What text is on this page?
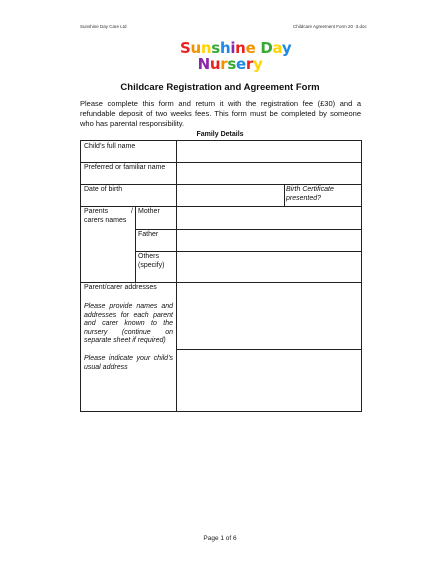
Sunshine Day Care Ltd	Childcare Agreement Form 20 ·3.doc
Sunshine Day
Nursery
Childcare Registration and Agreement Form
Please complete this form and return it with the registration fee (£30) and a refundable deposit of two weeks fees. This form must be completed by someone who has parental responsibility.
Family Details
Child’s full name
Preferred or familiar name
Date of birth	Birth Certificate presented?
Parents / carers names
Mother
Father
Others (specify)
Parent/carer addresses
Please provide names and addresses for each parent and carer known to the nursery (continue on separate sheet if required)
Please indicate your child’s usual address
Page 1 of 6
